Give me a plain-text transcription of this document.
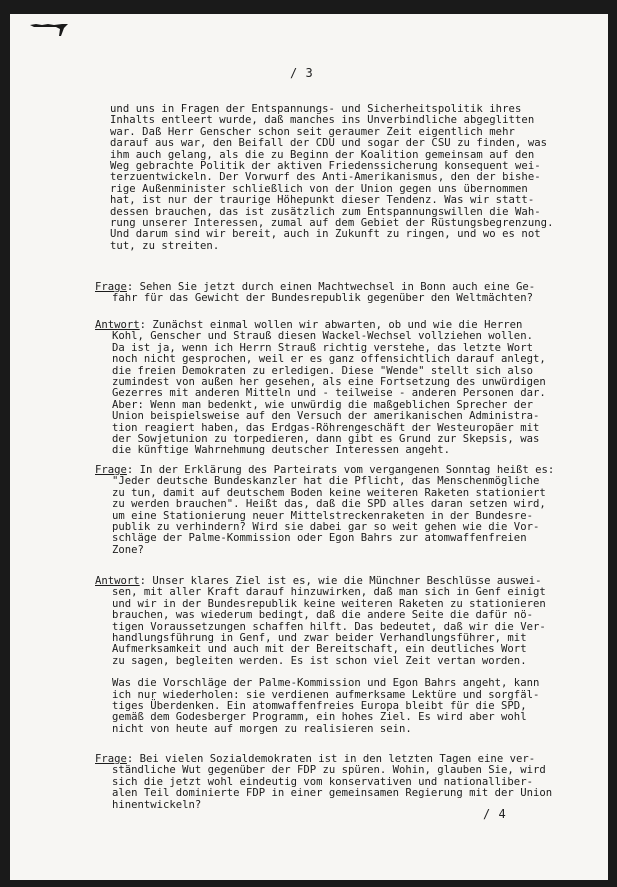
/ 3
und uns in Fragen der Entspannungs- und Sicherheitspolitik ihres
Inhalts entleert wurde, daß manches ins Unverbindliche abgeglitten
war. Daß Herr Genscher schon seit geraumer Zeit eigentlich mehr
darauf aus war, den Beifall der CDU und sogar der CSU zu finden, was
ihm auch gelang, als die zu Beginn der Koalition gemeinsam auf den
Weg gebrachte Politik der aktiven Friedenssicherung konsequent wei-
terzuentwickeln. Der Vorwurf des Anti-Amerikanismus, den der bishe-
rige Außenminister schließlich von der Union gegen uns übernommen
hat, ist nur der traurige Höhepunkt dieser Tendenz. Was wir statt-
dessen brauchen, das ist zusätzlich zum Entspannungswillen die Wah-
rung unserer Interessen, zumal auf dem Gebiet der Rüstungsbegrenzung.
Und darum sind wir bereit, auch in Zukunft zu ringen, und wo es not
tut, zu streiten.
Frage: Sehen Sie jetzt durch einen Machtwechsel in Bonn auch eine Ge-
fahr für das Gewicht der Bundesrepublik gegenüber den Weltmächten?
Antwort: Zunächst einmal wollen wir abwarten, ob und wie die Herren
Kohl, Genscher und Strauß diesen Wackel-Wechsel vollziehen wollen.
Da ist ja, wenn ich Herrn Strauß richtig verstehe, das letzte Wort
noch nicht gesprochen, weil er es ganz offensichtlich darauf anlegt,
die freien Demokraten zu erledigen. Diese "Wende" stellt sich also
zumindest von außen her gesehen, als eine Fortsetzung des unwürdigen
Gezerres mit anderen Mitteln und - teilweise - anderen Personen dar.
Aber: Wenn man bedenkt, wie unwürdig die maßgeblichen Sprecher der
Union beispielsweise auf den Versuch der amerikanischen Administra-
tion reagiert haben, das Erdgas-Röhrengeschäft der Westeuropäer mit
der Sowjetunion zu torpedieren, dann gibt es Grund zur Skepsis, was
die künftige Wahrnehmung deutscher Interessen angeht.
Frage: In der Erklärung des Parteirats vom vergangenen Sonntag heißt es:
"Jeder deutsche Bundeskanzler hat die Pflicht, das Menschenmögliche
zu tun, damit auf deutschem Boden keine weiteren Raketen stationiert
zu werden brauchen". Heißt das, daß die SPD alles daran setzen wird,
um eine Stationierung neuer Mittelstreckenraketen in der Bundesre-
publik zu verhindern? Wird sie dabei gar so weit gehen wie die Vor-
schläge der Palme-Kommission oder Egon Bahrs zur atomwaffenfreien
Zone?
Antwort: Unser klares Ziel ist es, wie die Münchner Beschlüsse auswei-
sen, mit aller Kraft darauf hinzuwirken, daß man sich in Genf einigt
und wir in der Bundesrepublik keine weiteren Raketen zu stationieren
brauchen, was wiederum bedingt, daß die andere Seite die dafür nö-
tigen Voraussetzungen schaffen hilft. Das bedeutet, daß wir die Ver-
handlungsführung in Genf, und zwar beider Verhandlungsführer, mit
Aufmerksamkeit und auch mit der Bereitschaft, ein deutliches Wort
zu sagen, begleiten werden. Es ist schon viel Zeit vertan worden.
Was die Vorschläge der Palme-Kommission und Egon Bahrs angeht, kann
ich nur wiederholen: sie verdienen aufmerksame Lektüre und sorgfäl-
tiges Überdenken. Ein atomwaffenfreies Europa bleibt für die SPD,
gemäß dem Godesberger Programm, ein hohes Ziel. Es wird aber wohl
nicht von heute auf morgen zu realisieren sein.
Frage: Bei vielen Sozialdemokraten ist in den letzten Tagen eine ver-
ständliche Wut gegenüber der FDP zu spüren. Wohin, glauben Sie, wird
sich die jetzt wohl eindeutig vom konservativen und nationalliber-
alen Teil dominierte FDP in einer gemeinsamen Regierung mit der Union
hinentwickeln?
/ 4
